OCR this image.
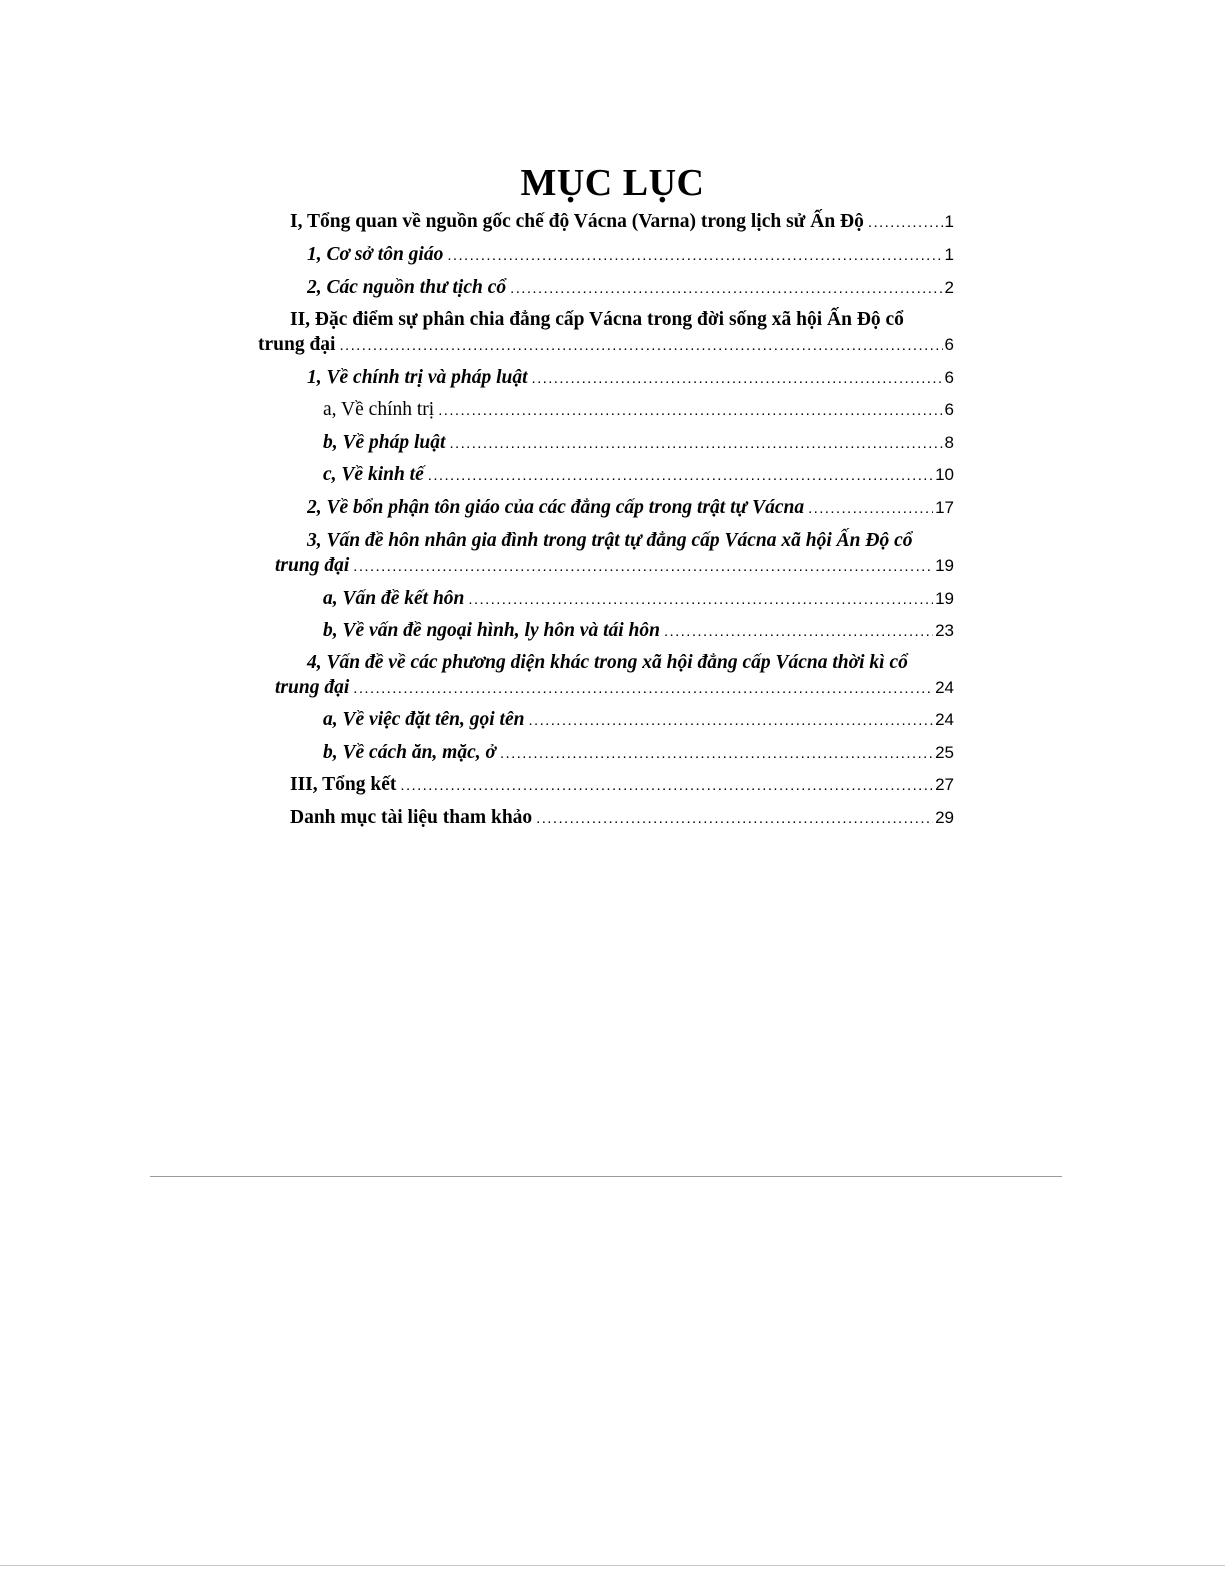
MỤC LỤC
I, Tổng quan về nguồn gốc chế độ Vácna (Varna) trong lịch sử Ấn Độ .....	1
1, Cơ sở tôn giáo .....	1
2, Các nguồn thư tịch cổ .....	2
II, Đặc điểm sự phân chia đẳng cấp Vácna trong đời sống xã hội Ấn Độ cổ
trung đại .....	6
1, Về chính trị và pháp luật .....	6
a, Về chính trị .....	6
b, Về pháp luật .....	8
c, Về kinh tế .....	10
2, Về bổn phận tôn giáo của các đẳng cấp trong trật tự Vácna .....	17
3, Vấn đề hôn nhân gia đình trong trật tự đẳng cấp Vácna xã hội Ấn Độ cổ
trung đại .....	19
a, Vấn đề kết hôn .....	19
b, Về vấn đề ngoại hình, ly hôn và tái hôn .....	23
4, Vấn đề về các phương diện khác trong xã hội đẳng cấp Vácna thời kì cổ
trung đại .....	24
a, Về việc đặt tên, gọi tên .....	24
b, Về cách ăn, mặc, ở .....	25
III, Tổng kết .....	27
Danh mục tài liệu tham khảo .....	29
